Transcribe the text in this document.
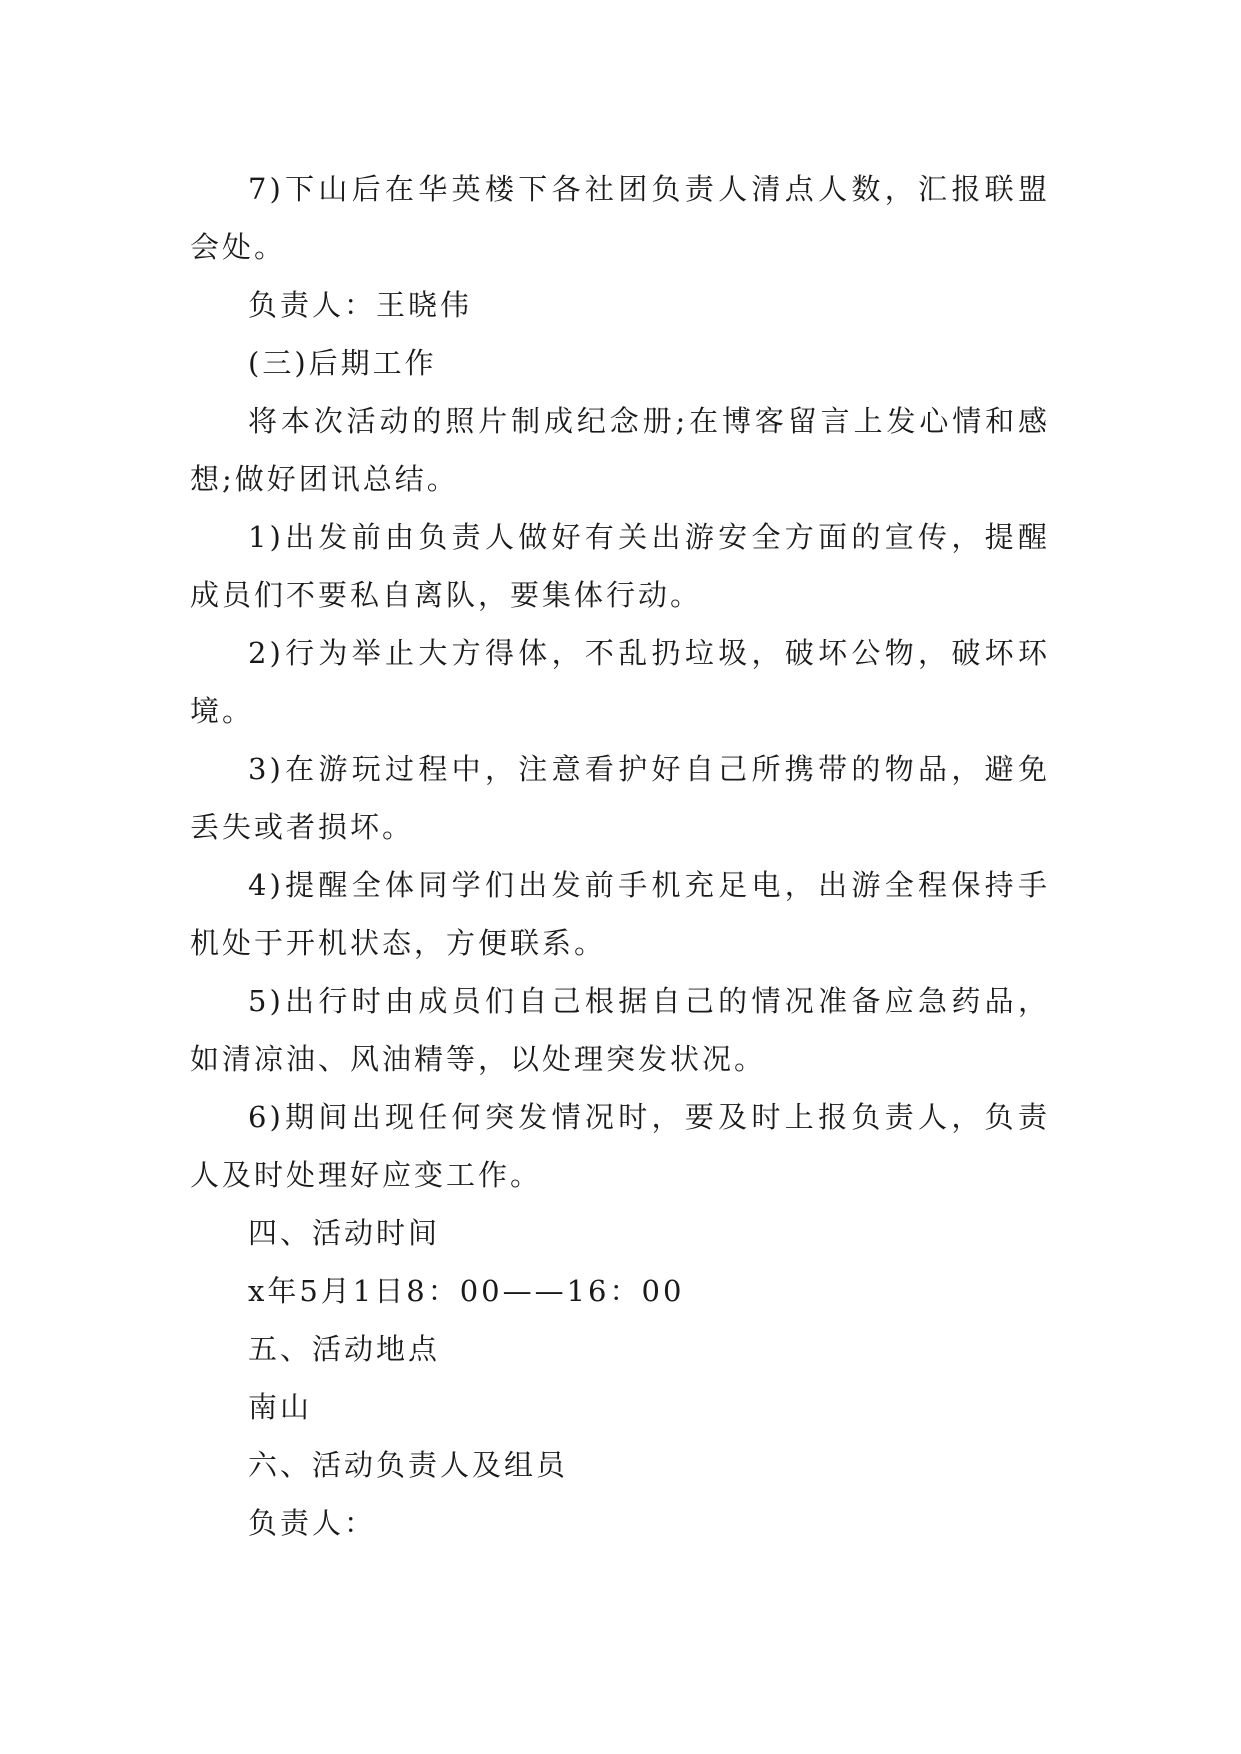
7)下山后在华英楼下各社团负责人清点人数，汇报联盟会处。

负责人：王晓伟

(三)后期工作

将本次活动的照片制成纪念册;在博客留言上发心情和感想;做好团讯总结。

1)出发前由负责人做好有关出游安全方面的宣传，提醒成员们不要私自离队，要集体行动。

2)行为举止大方得体，不乱扔垃圾，破坏公物，破坏环境。

3)在游玩过程中，注意看护好自己所携带的物品，避免丢失或者损坏。

4)提醒全体同学们出发前手机充足电，出游全程保持手机处于开机状态，方便联系。

5)出行时由成员们自己根据自己的情况准备应急药品，如清凉油、风油精等，以处理突发状况。

6)期间出现任何突发情况时，要及时上报负责人，负责人及时处理好应变工作。

四、活动时间

x年5月1日8：00——16：00

五、活动地点

南山

六、活动负责人及组员

负责人：
